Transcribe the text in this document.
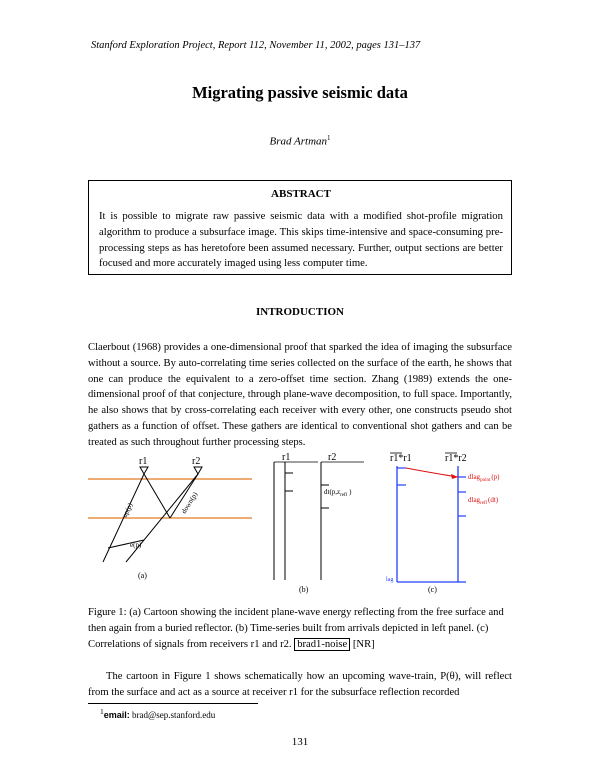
Stanford Exploration Project, Report 112, November 11, 2002, pages 131–137
Migrating passive seismic data
Brad Artman$^1$
ABSTRACT
It is possible to migrate raw passive seismic data with a modified shot-profile migration algorithm to produce a subsurface image. This skips time-intensive and space-consuming pre-processing steps as has heretofore been assumed necessary. Further, output sections are better focused and more accurately imaged using less computer time.
INTRODUCTION
Claerbout (1968) provides a one-dimensional proof that sparked the idea of imaging the subsurface without a source. By auto-correlating time series collected on the surface of the earth, he shows that one can produce the equivalent to a zero-offset time section. Zhang (1989) extends the one-dimensional proof of that conjecture, through plane-wave decomposition, to full space. Importantly, he also shows that by cross-correlating each receiver with every other, one constructs pseudo shot gathers as a function of offset. These gathers are identical to conventional shot gathers and can be treated as such throughout further processing steps.
r1	r2
up(p)	down(p)
e(p)
(a)
r1	r2
$dt(p,z_{refl}$ )
(b)
r1*r1	r1*r2
dlag$_{point}$(p)
dlag$_{refl}$(dt)
lag
(c)
Figure 1: (a) Cartoon showing the incident plane-wave energy reflecting from the free surface and then again from a buried reflector. (b) Time-series built from arrivals depicted in left panel. (c) Correlations of signals from receivers r1 and r2. brad1-noise [NR]
The cartoon in Figure 1 shows schematically how an upcoming wave-train, P(θ), will reflect from the surface and act as a source at receiver r1 for the subsurface reflection recorded
$^1$email: brad@sep.stanford.edu
131
